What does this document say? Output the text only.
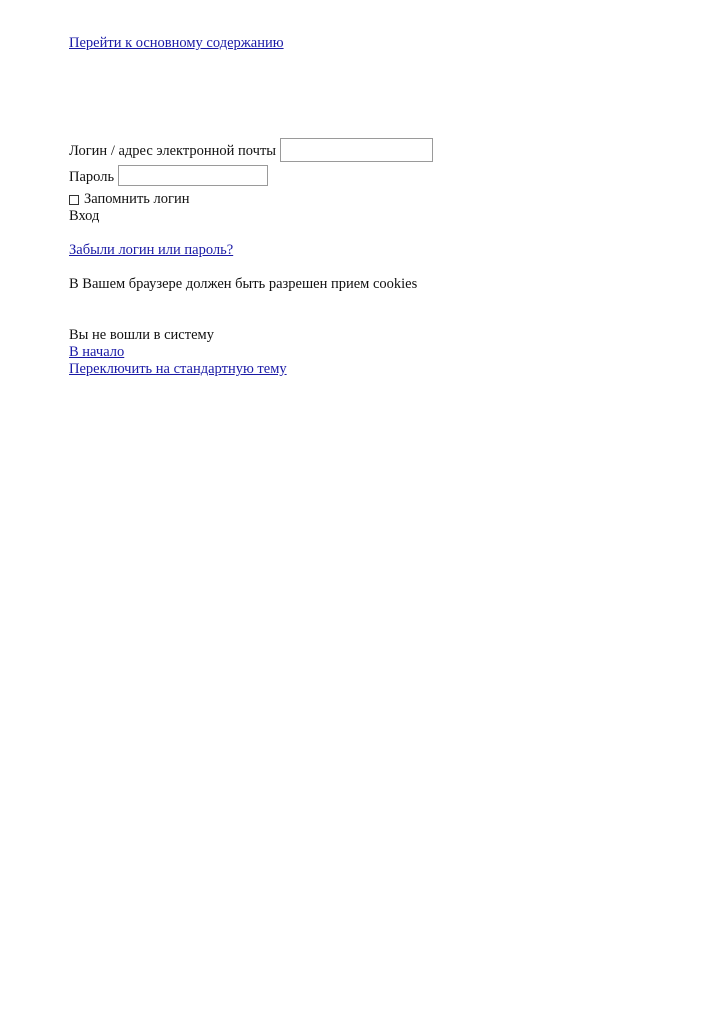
Перейти к основному содержанию
Логин / адрес электронной почты
Пароль
Запомнить логин
Вход
Забыли логин или пароль?
В Вашем браузере должен быть разрешен прием cookies
Вы не вошли в систему
В начало
Переключить на стандартную тему
